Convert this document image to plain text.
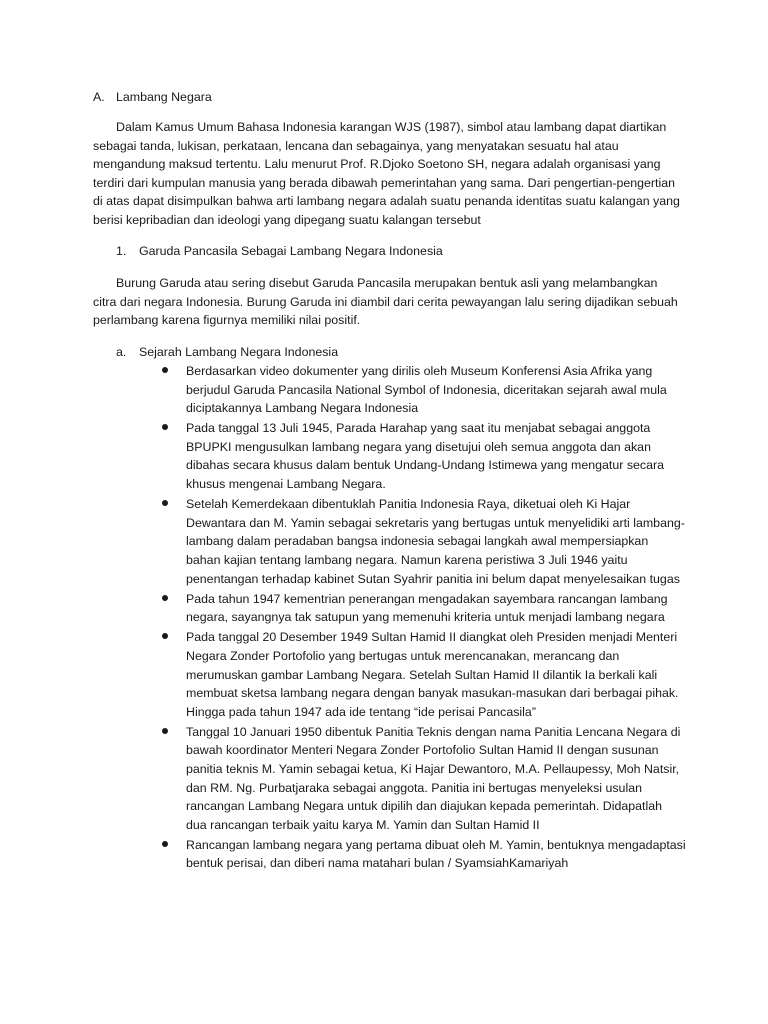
A. Lambang Negara

Dalam Kamus Umum Bahasa Indonesia karangan WJS (1987), simbol atau lambang dapat diartikan sebagai tanda, lukisan, perkataan, lencana dan sebagainya, yang menyatakan sesuatu hal atau mengandung maksud tertentu. Lalu menurut Prof. R.Djoko Soetono SH, negara adalah organisasi yang terdiri dari kumpulan manusia yang berada dibawah pemerintahan yang sama. Dari pengertian-pengertian di atas dapat disimpulkan bahwa arti lambang negara adalah suatu penanda identitas suatu kalangan yang berisi kepribadian dan ideologi yang dipegang suatu kalangan tersebut

1. Garuda Pancasila Sebagai Lambang Negara Indonesia

Burung Garuda atau sering disebut Garuda Pancasila merupakan bentuk asli yang melambangkan citra dari negara Indonesia. Burung Garuda ini diambil dari cerita pewayangan lalu sering dijadikan sebuah perlambang karena figurnya memiliki nilai positif.

a. Sejarah Lambang Negara Indonesia
Berdasarkan video dokumenter yang dirilis oleh Museum Konferensi Asia Afrika yang berjudul Garuda Pancasila National Symbol of Indonesia, diceritakan sejarah awal mula diciptakannya Lambang Negara Indonesia
Pada tanggal 13 Juli 1945, Parada Harahap yang saat itu menjabat sebagai anggota BPUPKI mengusulkan lambang negara yang disetujui oleh semua anggota dan akan dibahas secara khusus dalam bentuk Undang-Undang Istimewa yang mengatur secara khusus mengenai Lambang Negara.
Setelah Kemerdekaan dibentuklah Panitia Indonesia Raya, diketuai oleh Ki Hajar Dewantara dan M. Yamin sebagai sekretaris yang bertugas untuk menyelidiki arti lambang-lambang dalam peradaban bangsa indonesia sebagai langkah awal mempersiapkan bahan kajian tentang lambang negara. Namun karena peristiwa 3 Juli 1946 yaitu penentangan terhadap kabinet Sutan Syahrir panitia ini belum dapat menyelesaikan tugas
Pada tahun 1947 kementrian penerangan mengadakan sayembara rancangan lambang negara, sayangnya tak satupun yang memenuhi kriteria untuk menjadi lambang negara
Pada tanggal 20 Desember 1949 Sultan Hamid II diangkat oleh Presiden menjadi Menteri Negara Zonder Portofolio yang bertugas untuk merencanakan, merancang dan merumuskan gambar Lambang Negara. Setelah Sultan Hamid II dilantik Ia berkali kali membuat sketsa lambang negara dengan banyak masukan-masukan dari berbagai pihak. Hingga pada tahun 1947 ada ide tentang “ide perisai Pancasila”
Tanggal 10 Januari 1950 dibentuk Panitia Teknis dengan nama Panitia Lencana Negara di bawah koordinator Menteri Negara Zonder Portofolio Sultan Hamid II dengan susunan panitia teknis M. Yamin sebagai ketua, Ki Hajar Dewantoro, M.A. Pellaupessy, Moh Natsir, dan RM. Ng. Purbatjaraka sebagai anggota. Panitia ini bertugas menyeleksi usulan rancangan Lambang Negara untuk dipilih dan diajukan kepada pemerintah. Didapatlah dua rancangan terbaik yaitu karya M. Yamin dan Sultan Hamid II
Rancangan lambang negara yang pertama dibuat oleh M. Yamin, bentuknya mengadaptasi bentuk perisai, dan diberi nama matahari bulan / SyamsiahKamariyah
